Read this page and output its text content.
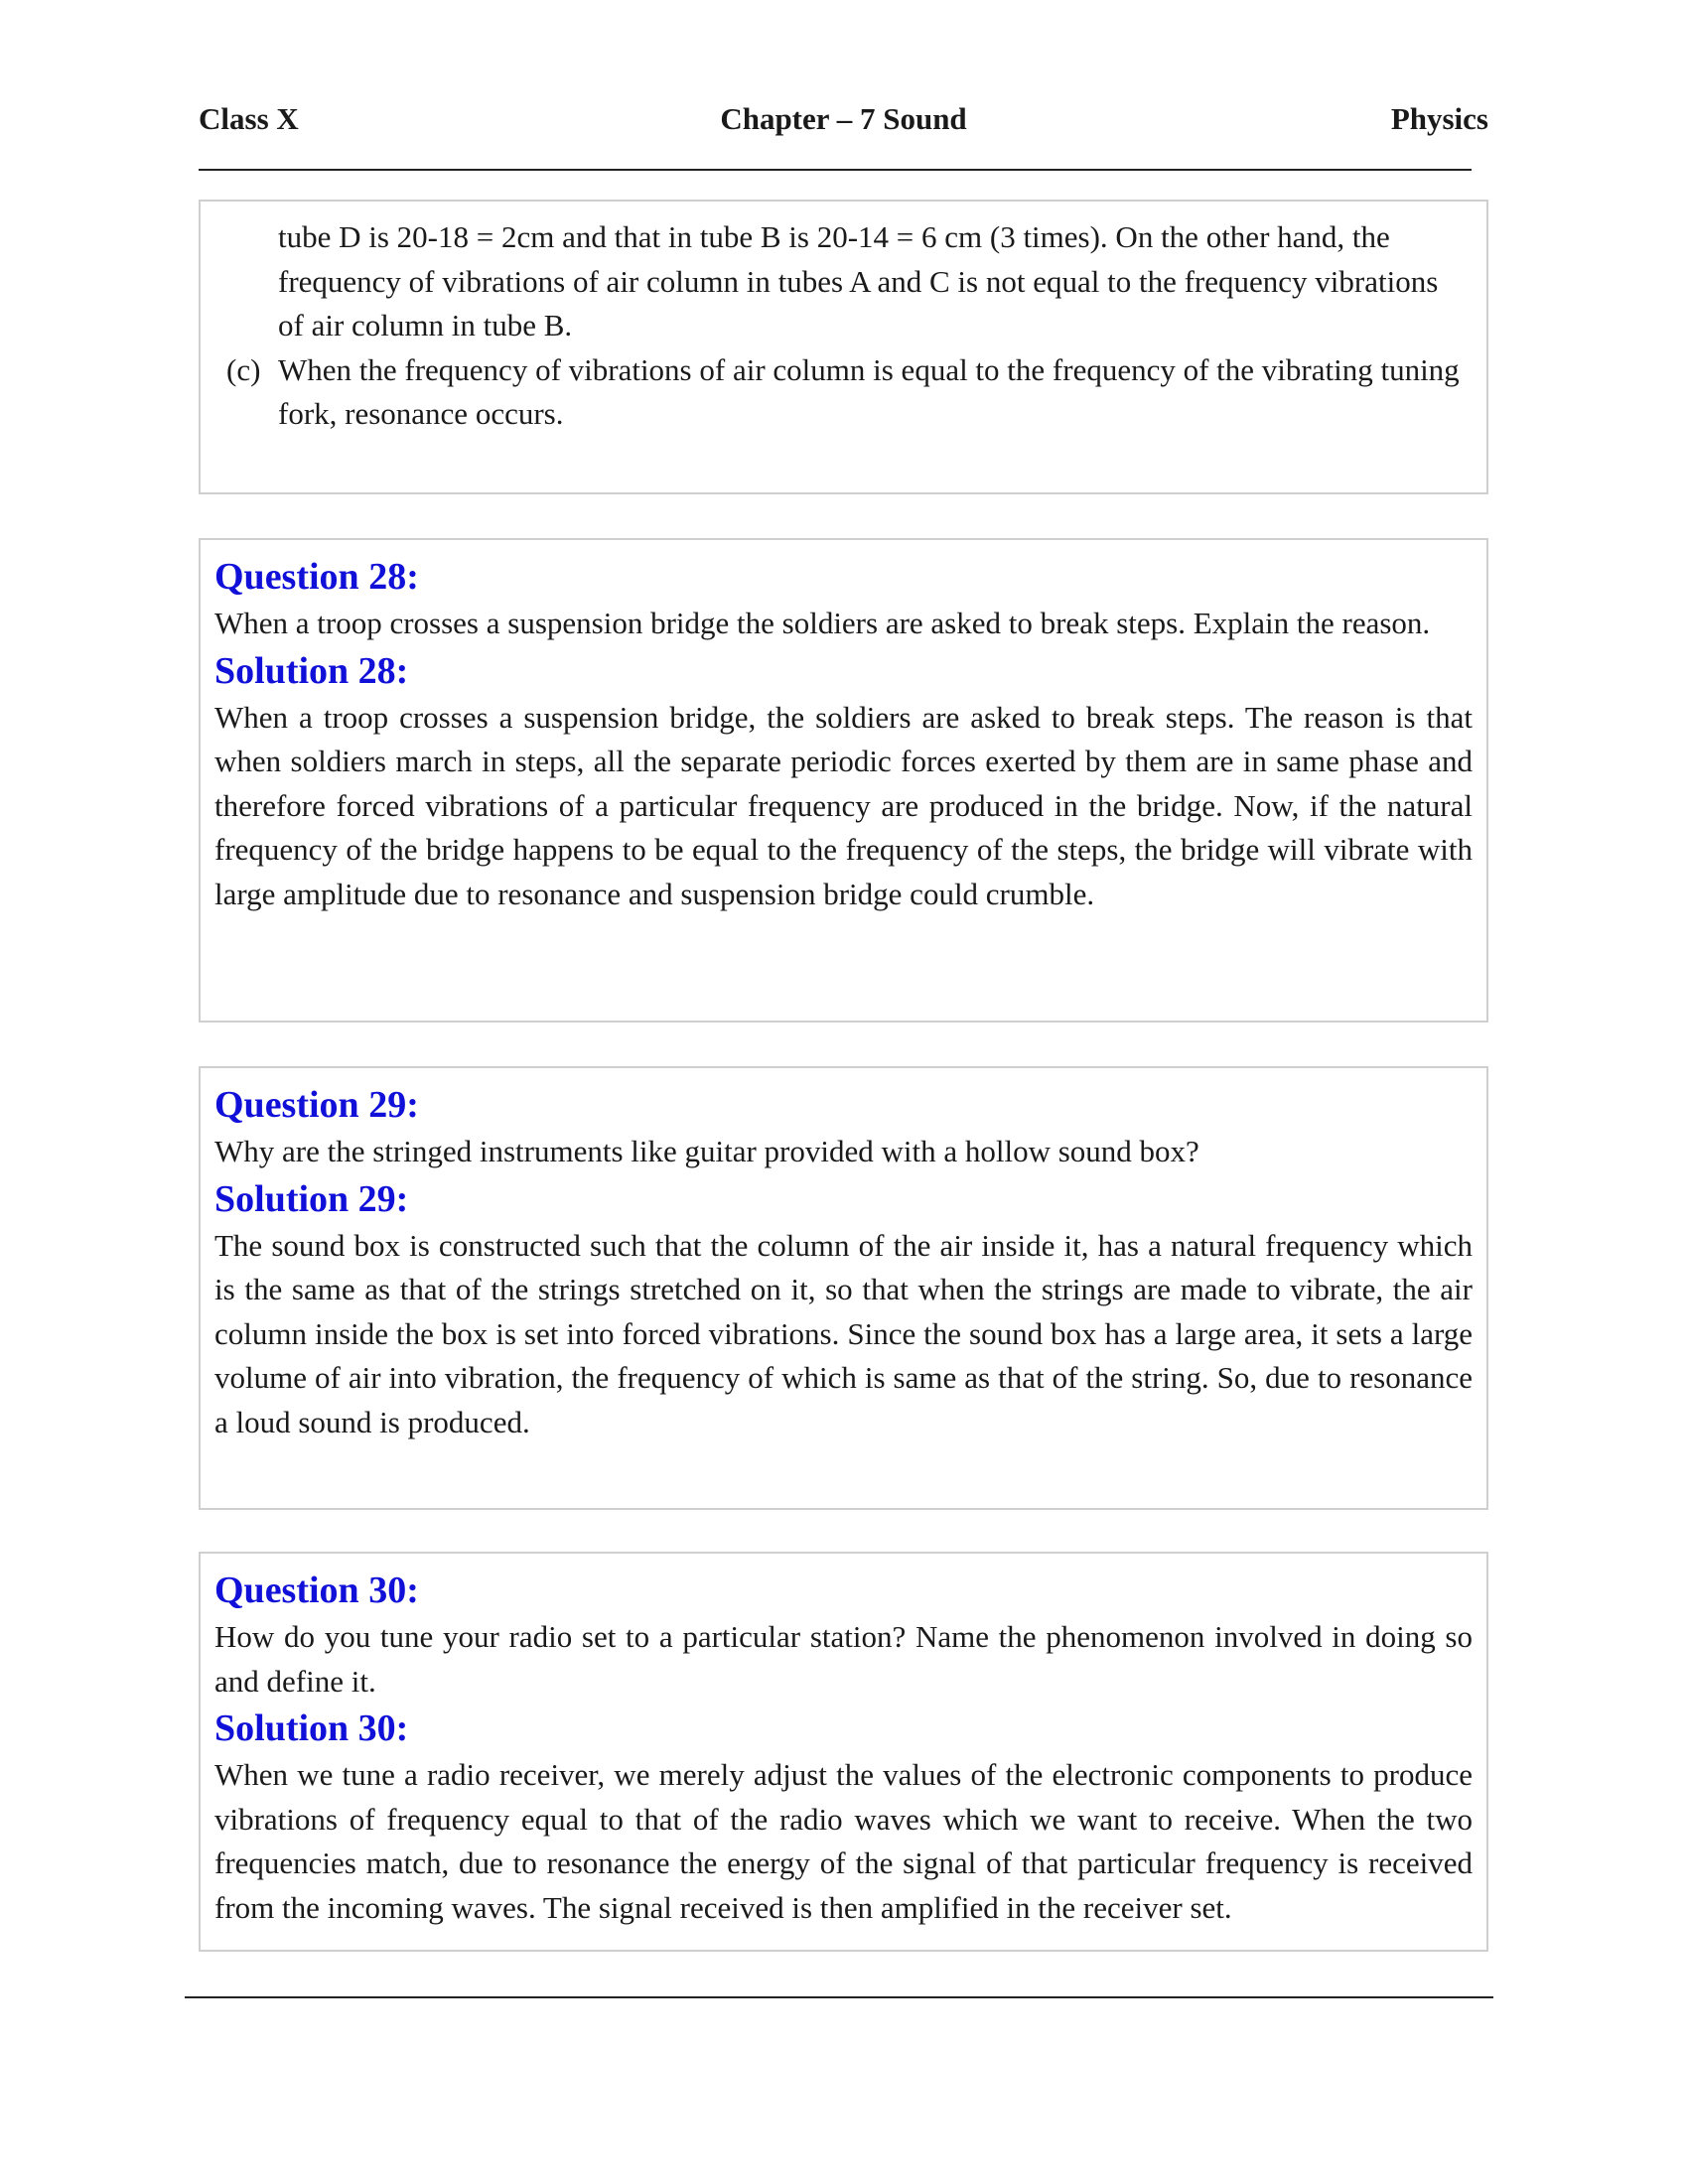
Class X	Chapter – 7 Sound	Physics

tube D is 20-18 = 2cm and that in tube B is 20-14 = 6 cm (3 times). On the other hand, the frequency of vibrations of air column in tubes A and C is not equal to the frequency vibrations of air column in tube B.

(c) When the frequency of vibrations of air column is equal to the frequency of the vibrating tuning fork, resonance occurs.

Question 28:

When a troop crosses a suspension bridge the soldiers are asked to break steps. Explain the reason.

Solution 28:

When a troop crosses a suspension bridge, the soldiers are asked to break steps. The reason is that when soldiers march in steps, all the separate periodic forces exerted by them are in same phase and therefore forced vibrations of a particular frequency are produced in the bridge. Now, if the natural frequency of the bridge happens to be equal to the frequency of the steps, the bridge will vibrate with large amplitude due to resonance and suspension bridge could crumble.

Question 29:

Why are the stringed instruments like guitar provided with a hollow sound box?

Solution 29:

The sound box is constructed such that the column of the air inside it, has a natural frequency which is the same as that of the strings stretched on it, so that when the strings are made to vibrate, the air column inside the box is set into forced vibrations. Since the sound box has a large area, it sets a large volume of air into vibration, the frequency of which is same as that of the string. So, due to resonance a loud sound is produced.

Question 30:

How do you tune your radio set to a particular station? Name the phenomenon involved in doing so and define it.

Solution 30:

When we tune a radio receiver, we merely adjust the values of the electronic components to produce vibrations of frequency equal to that of the radio waves which we want to receive. When the two frequencies match, due to resonance the energy of the signal of that particular frequency is received from the incoming waves. The signal received is then amplified in the receiver set.
